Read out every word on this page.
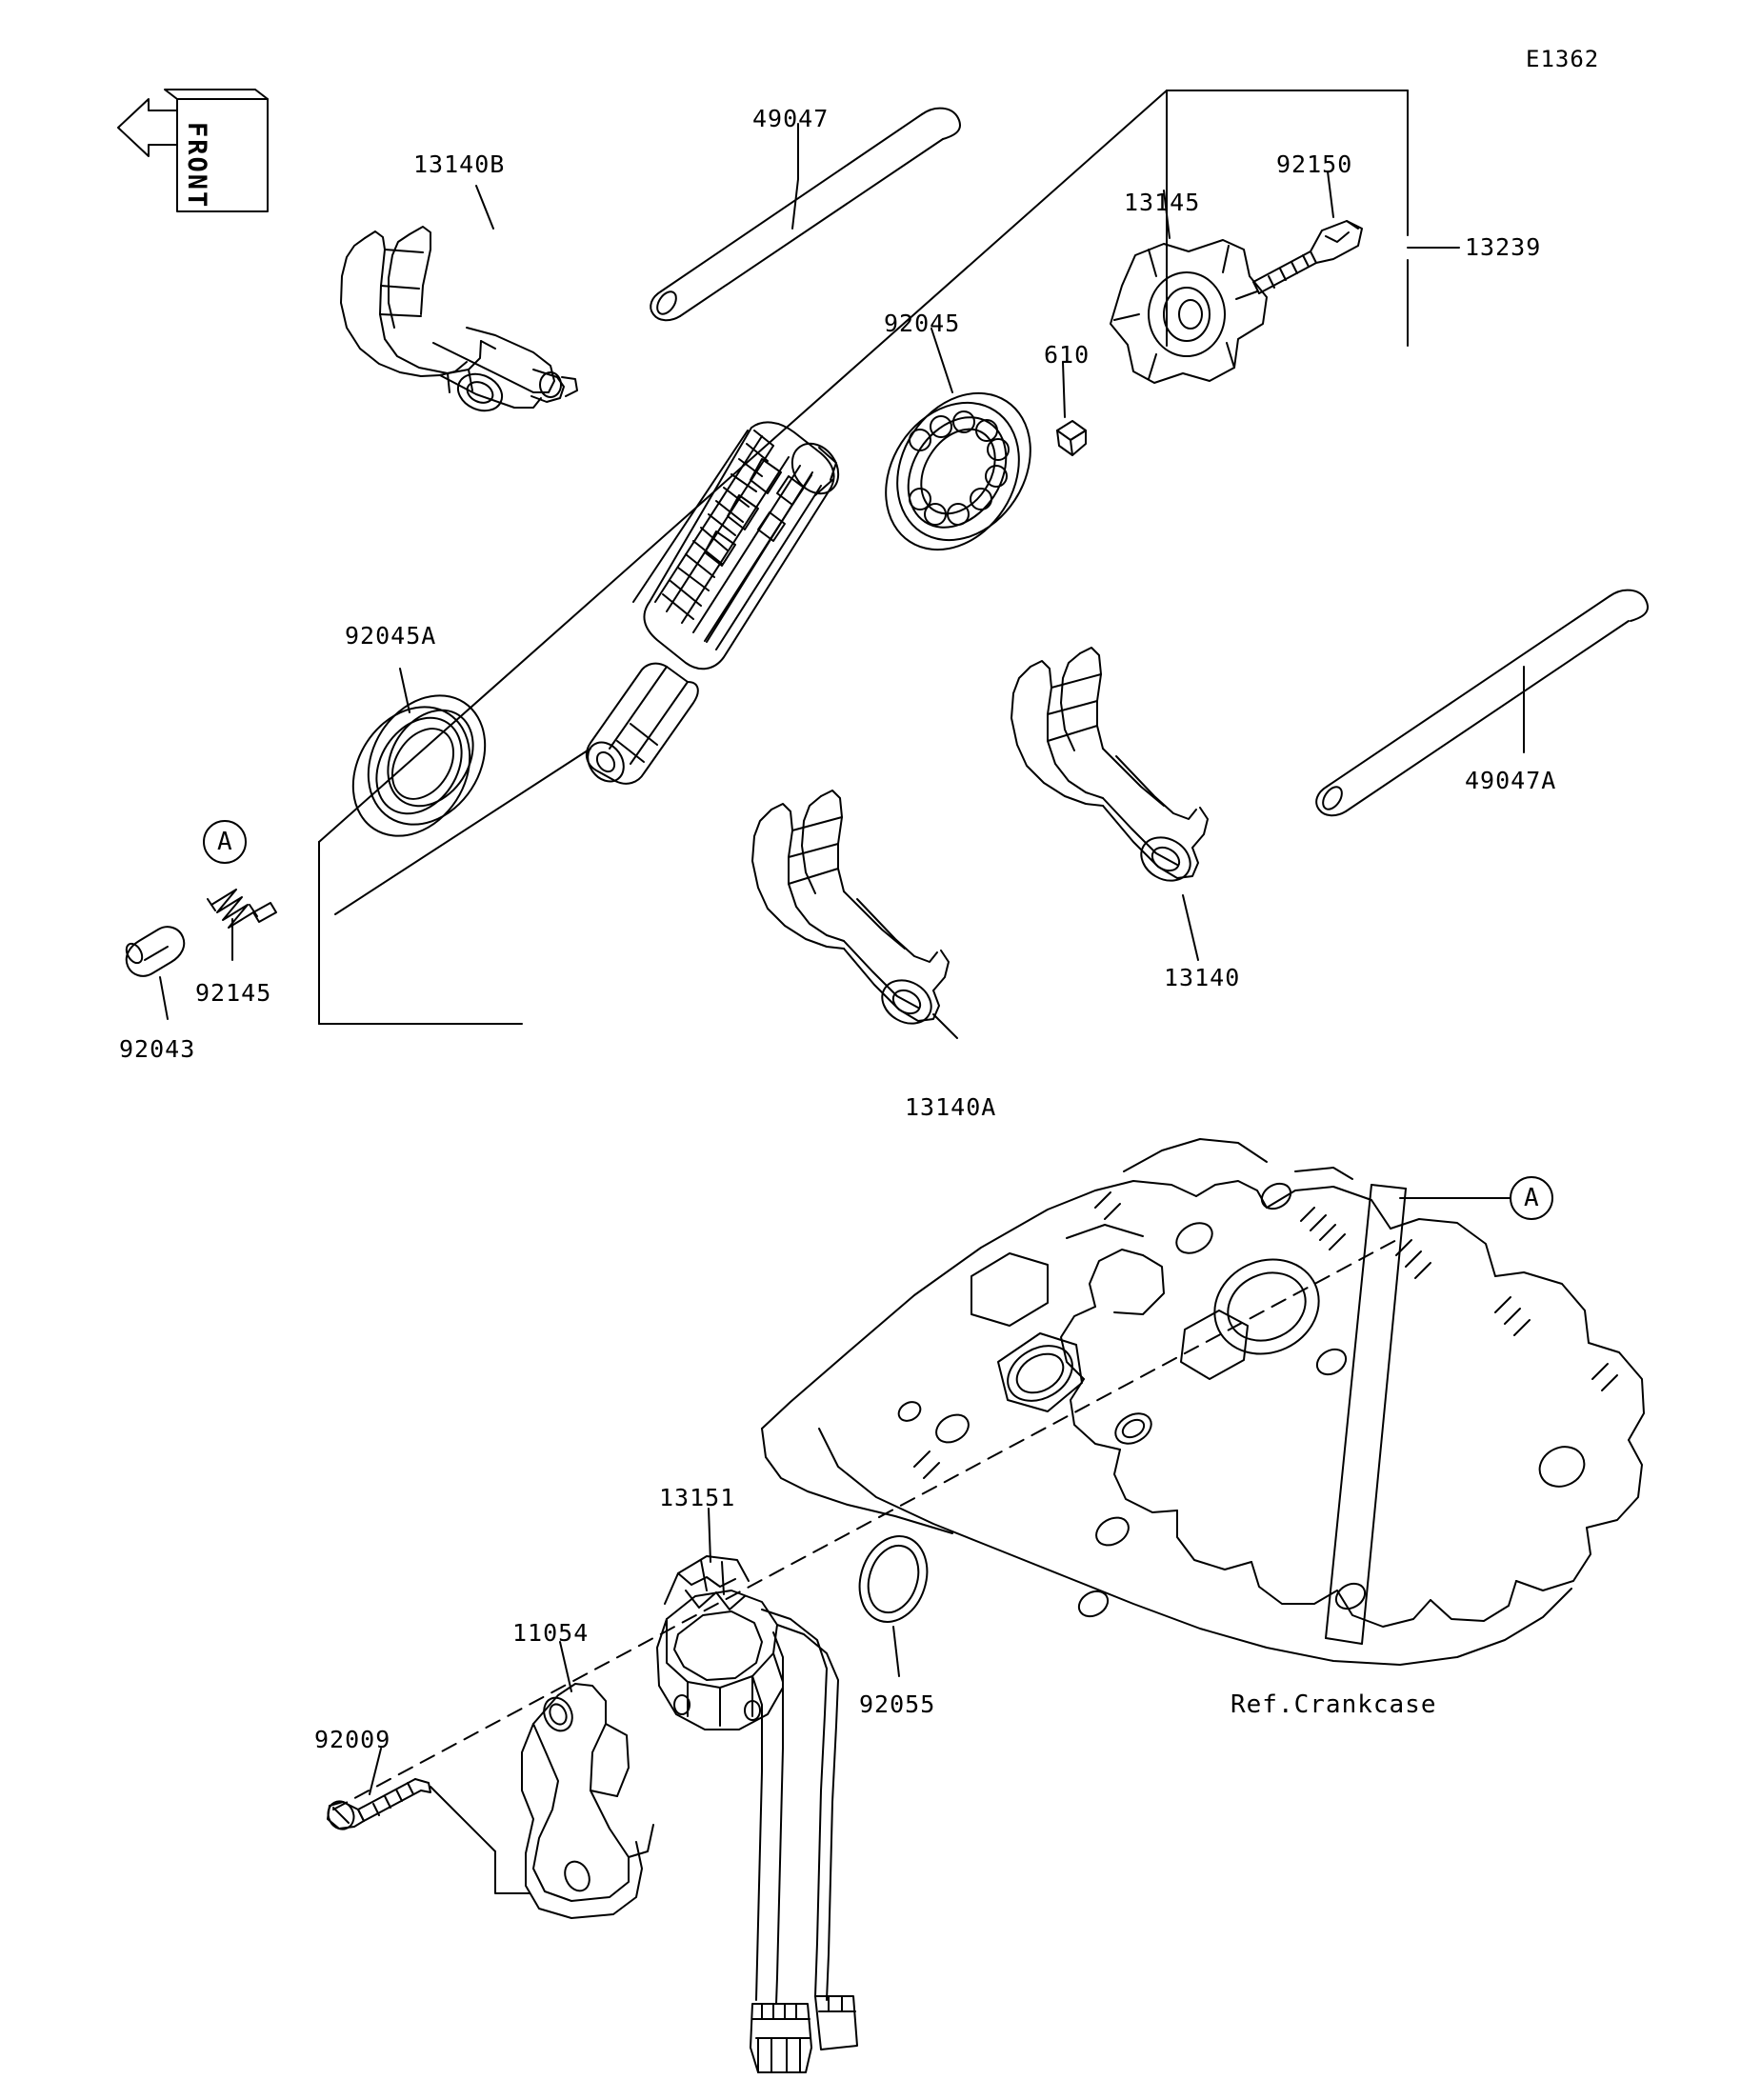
E1362
FRONT	13140B
49047
92150
13145
13239
92045
610
92045A
49047A
13140
13140A
92145
92043
13151
11054
92009
92055	Ref.Crankcase
A
A
